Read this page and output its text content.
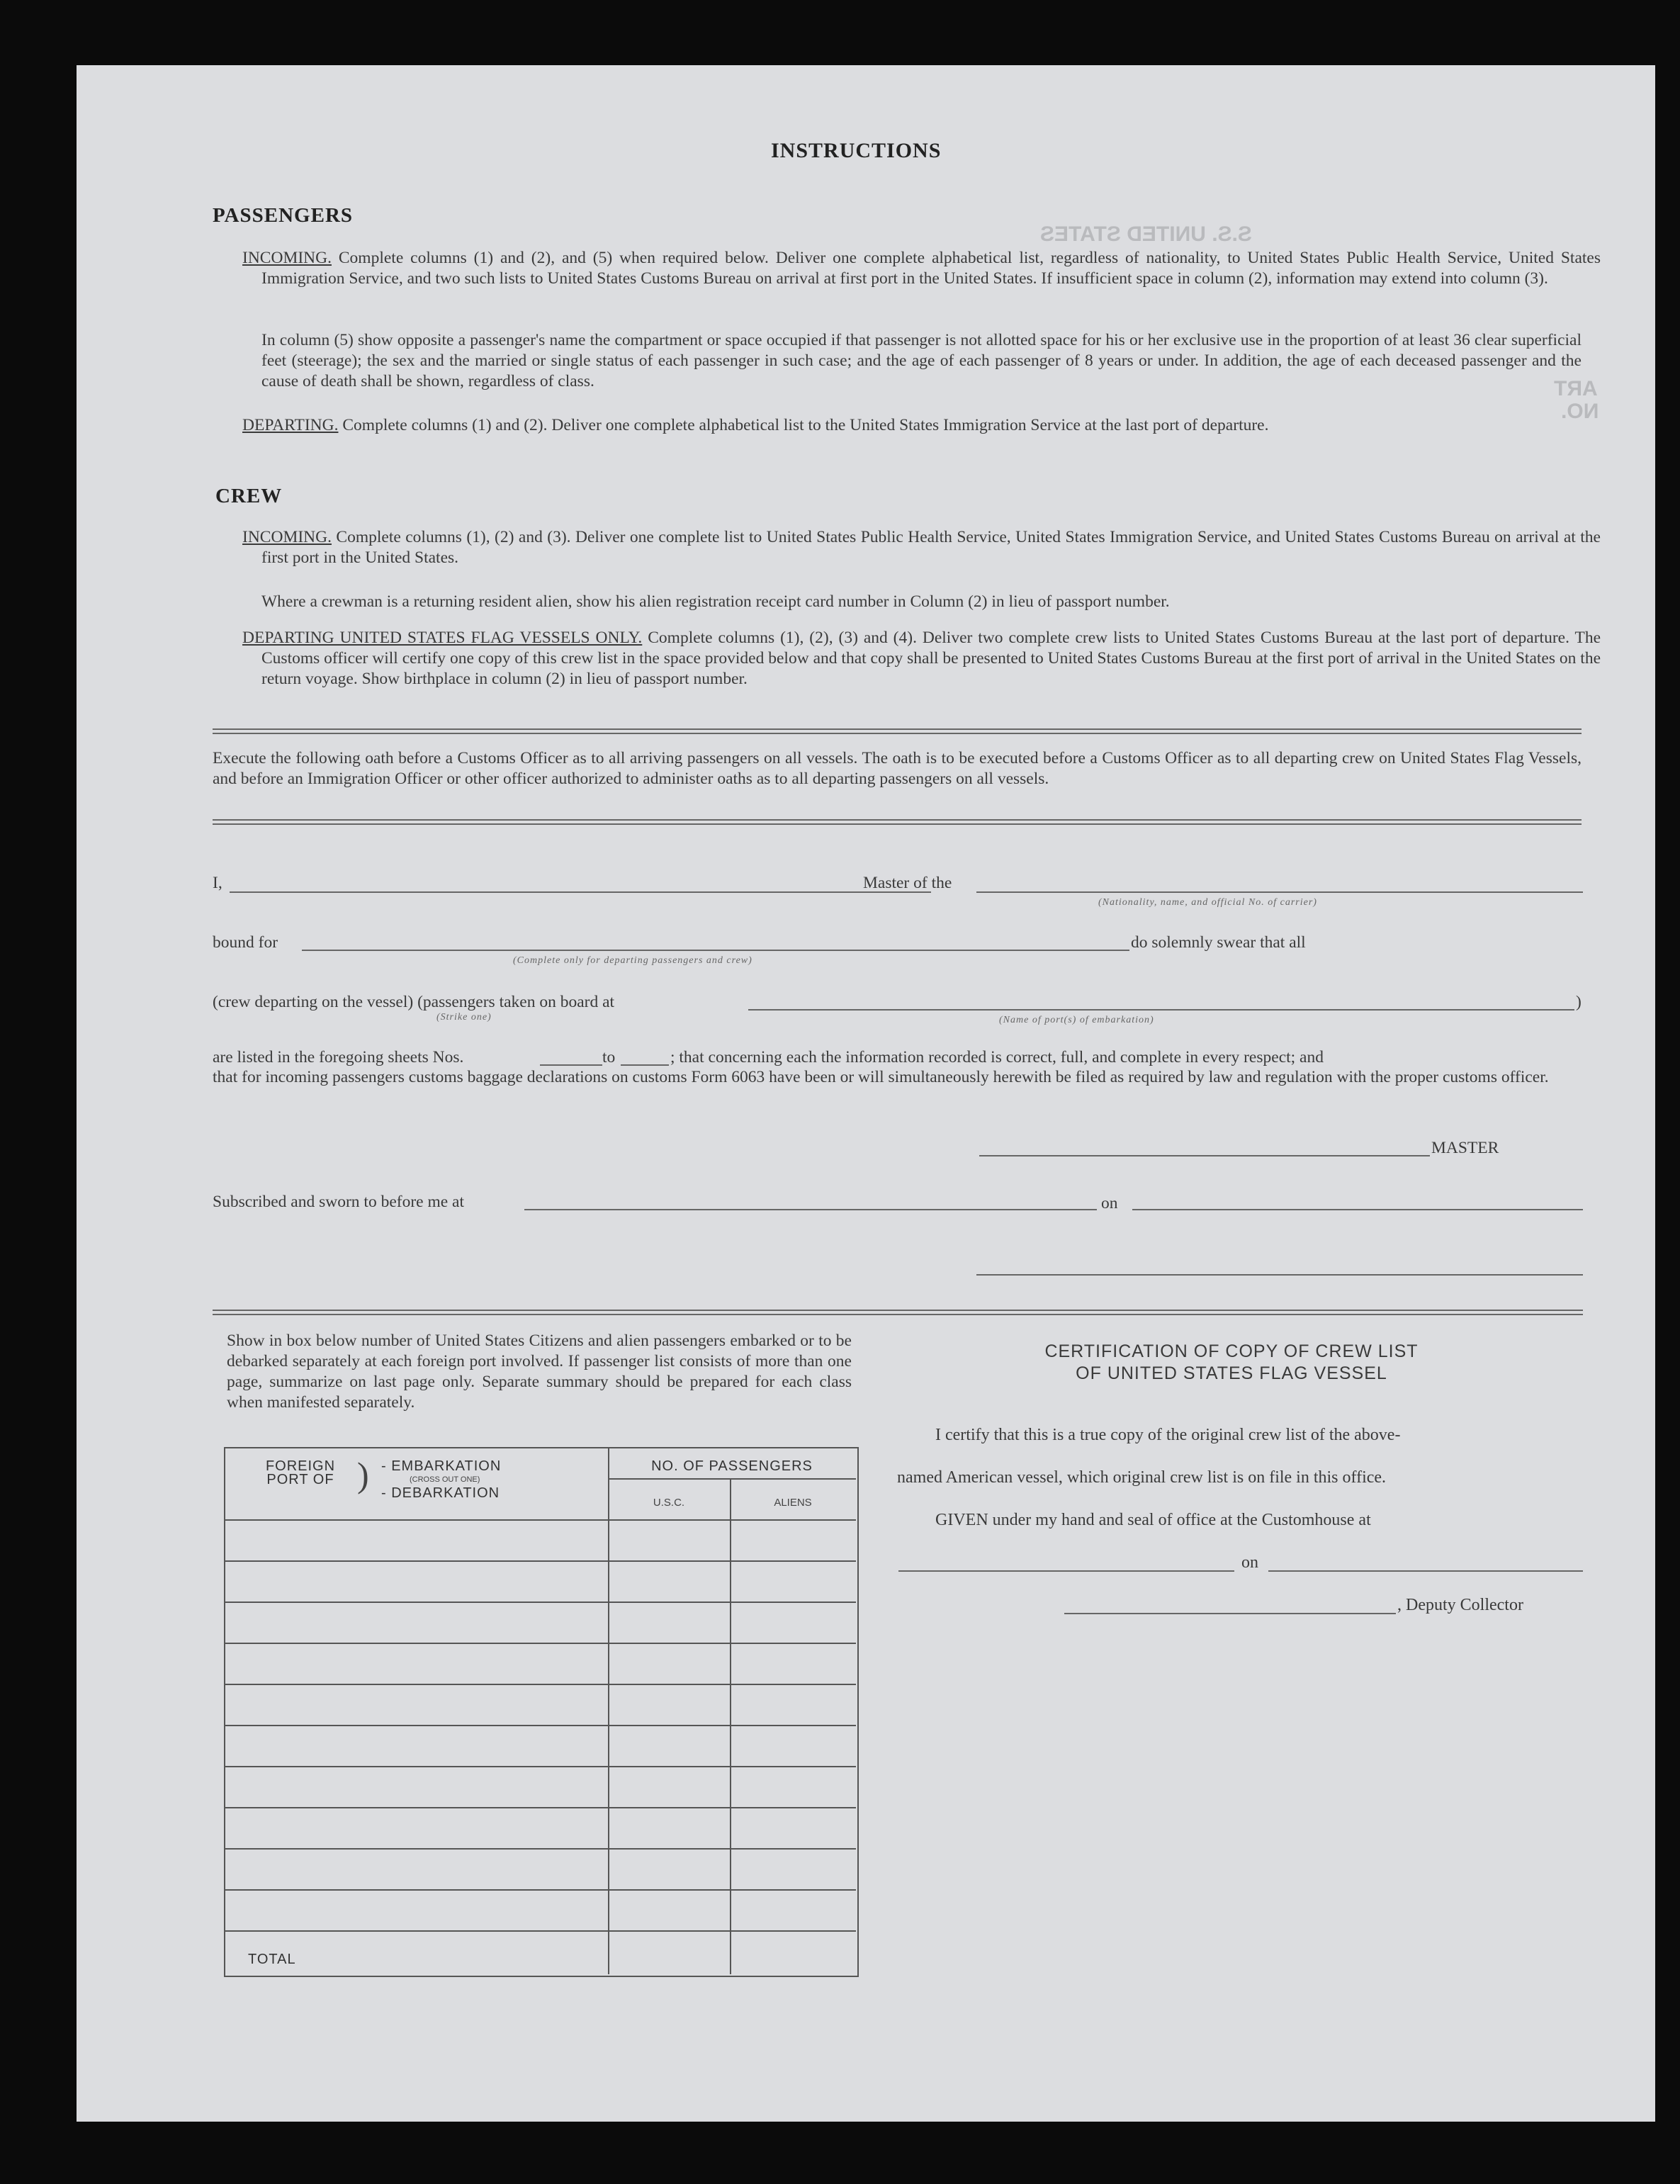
S.S. UNITED STATES
ART
NO.
INSTRUCTIONS
PASSENGERS
INCOMING. Complete columns (1) and (2), and (5) when required below. Deliver one complete alphabetical list, regardless of nationality, to United States Public Health Service, United States Immigration Service, and two such lists to United States Customs Bureau on arrival at first port in the United States. If insufficient space in column (2), information may extend into column (3).
In column (5) show opposite a passenger's name the compartment or space occupied if that passenger is not allotted space for his or her exclusive use in the proportion of at least 36 clear superficial feet (steerage); the sex and the married or single status of each passenger in such case; and the age of each passenger of 8 years or under. In addition, the age of each deceased passenger and the cause of death shall be shown, regardless of class.
DEPARTING. Complete columns (1) and (2). Deliver one complete alphabetical list to the United States Immigration Service at the last port of departure.
CREW
INCOMING. Complete columns (1), (2) and (3). Deliver one complete list to United States Public Health Service, United States Immigration Service, and United States Customs Bureau on arrival at the first port in the United States.
Where a crewman is a returning resident alien, show his alien registration receipt card number in Column (2) in lieu of passport number.
DEPARTING UNITED STATES FLAG VESSELS ONLY. Complete columns (1), (2), (3) and (4). Deliver two complete crew lists to United States Customs Bureau at the last port of departure. The Customs officer will certify one copy of this crew list in the space provided below and that copy shall be presented to United States Customs Bureau at the first port of arrival in the United States on the return voyage. Show birthplace in column (2) in lieu of passport number.
Execute the following oath before a Customs Officer as to all arriving passengers on all vessels. The oath is to be executed before a Customs Officer as to all departing crew on United States Flag Vessels, and before an Immigration Officer or other officer authorized to administer oaths as to all departing passengers on all vessels.
I,	Master of the
(Nationality, name, and official No. of carrier)
bound for
(Complete only for departing passengers and crew)
do solemnly swear that all
(crew departing on the vessel) (passengers taken on board at
(Strike one)
)
(Name of port(s) of embarkation)
are listed in the foregoing sheets Nos.	to	; that concerning each the information recorded is correct, full, and complete in every respect; and
that for incoming passengers customs baggage declarations on customs Form 6063 have been or will simultaneously herewith be filed as required by law and regulation with the proper customs officer.
MASTER
Subscribed and sworn to before me at	on
Show in box below number of United States Citizens and alien passengers embarked or to be debarked separately at each foreign port involved. If passenger list consists of more than one page, summarize on last page only. Separate summary should be prepared for each class when manifested separately.
FOREIGN PORT OF ) - EMBARKATION
(CROSS OUT ONE)
- DEBARKATION
NO. OF PASSENGERS
U.S.C.	ALIENS
TOTAL
CERTIFICATION OF COPY OF CREW LIST
OF UNITED STATES FLAG VESSEL
I certify that this is a true copy of the original crew list of the above-
named American vessel, which original crew list is on file in this office.
GIVEN under my hand and seal of office at the Customhouse at
on
, Deputy Collector
